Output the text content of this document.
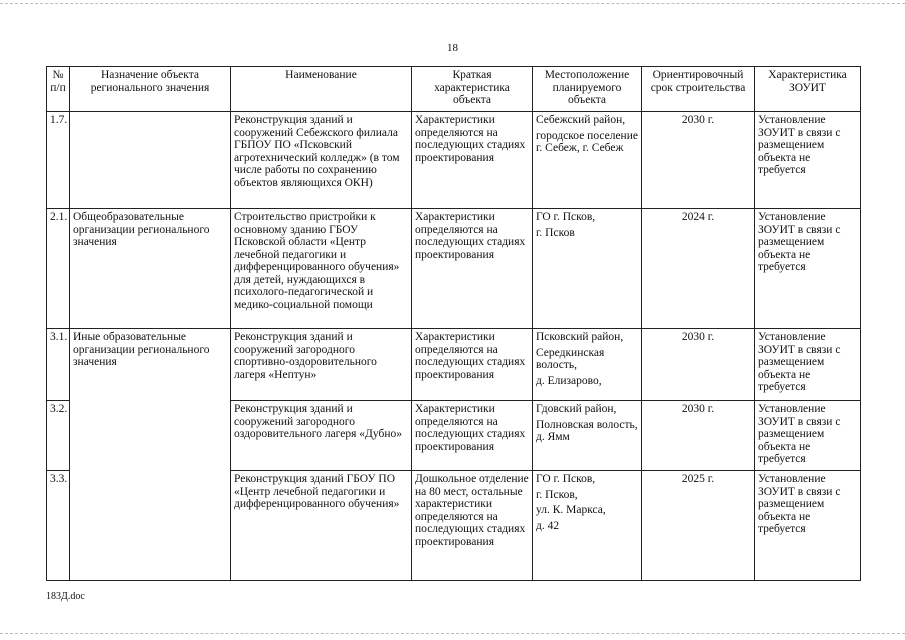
18
№
п/п	Назначение объекта регионального значения	Наименование	Краткая характеристика объекта	Местоположение планируемого объекта	Ориентировочный срок строительства	Характеристика ЗОУИТ
1.7.		Реконструкция зданий и сооружений Себежского филиала ГБПОУ ПО «Псковский агротехнический колледж» (в том числе работы по сохранению объектов являющихся ОКН)	Характеристики определяются на последующих стадиях проектирования	Себежский район,
городское поселение г. Себеж, г. Себеж	2030 г.	Установление ЗОУИТ в связи с размещением объекта не требуется
2.1.	Общеобразовательные организации регионального значения	Строительство пристройки к основному зданию ГБОУ Псковской области «Центр лечебной педагогики и дифференцированного обучения» для детей, нуждающихся в психолого-педагогической и медико-социальной помощи	Характеристики определяются на последующих стадиях проектирования	ГО г. Псков,
г. Псков	2024 г.	Установление ЗОУИТ в связи с размещением объекта не требуется
3.1.	Иные образовательные организации регионального значения	Реконструкция зданий и сооружений загородного спортивно-оздоровительного лагеря «Нептун»	Характеристики определяются на последующих стадиях проектирования	Псковский район,
Середкинская волость,
д. Елизарово,	2030 г.	Установление ЗОУИТ в связи с размещением объекта не требуется
3.2.		Реконструкция зданий и сооружений загородного оздоровительного лагеря «Дубно»	Характеристики определяются на последующих стадиях проектирования	Гдовский район,
Полновская волость, д. Ямм	2030 г.	Установление ЗОУИТ в связи с размещением объекта не требуется
3.3.		Реконструкция зданий ГБОУ ПО «Центр лечебной педагогики и дифференцированного обучения»	Дошкольное отделение на 80 мест, остальные характеристики определяются на последующих стадиях проектирования	ГО г. Псков,
г. Псков,
ул. К. Маркса,
д. 42	2025 г.	Установление ЗОУИТ в связи с размещением объекта не требуется
183Д.doc
